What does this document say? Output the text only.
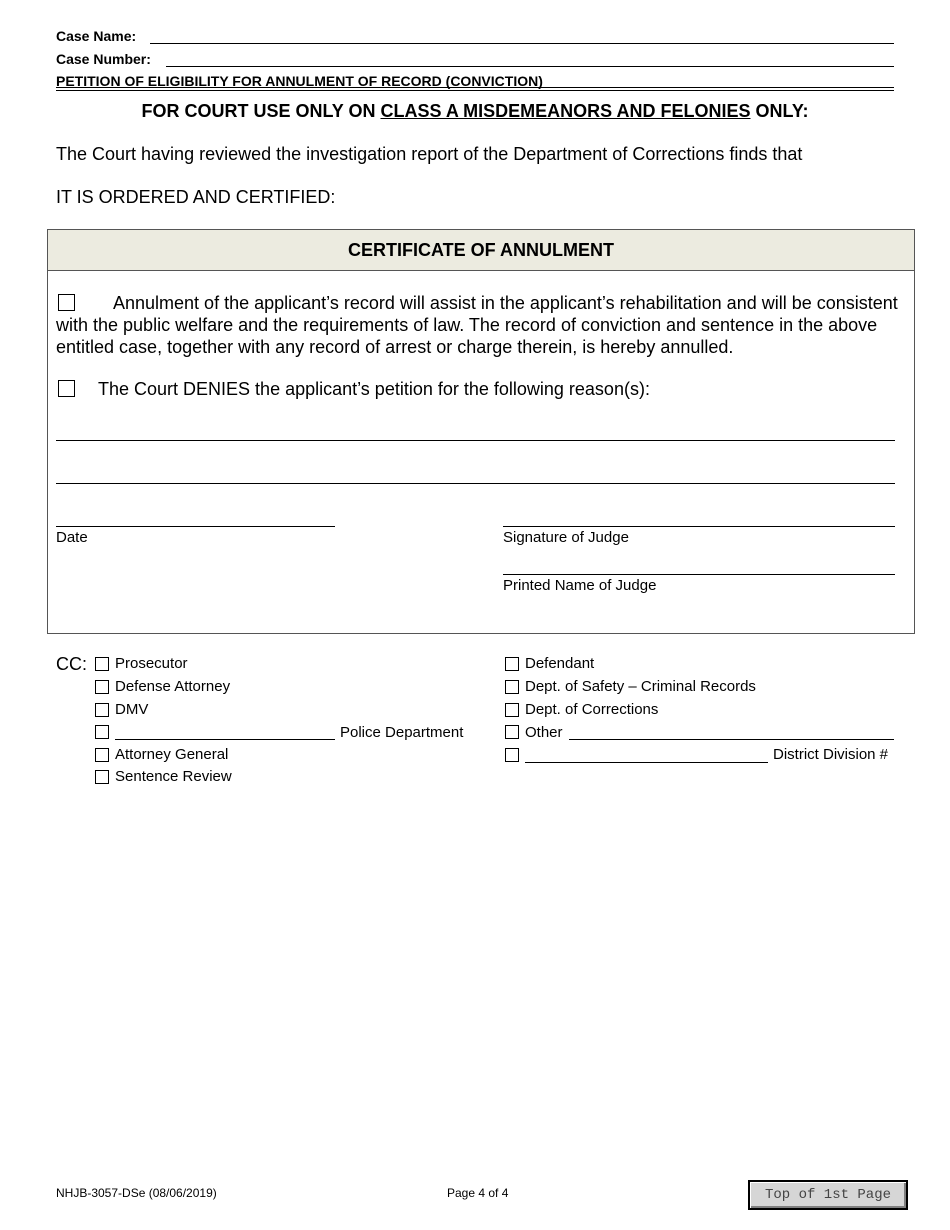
Case Name:
Case Number:
PETITION OF ELIGIBILITY FOR ANNULMENT OF RECORD (CONVICTION)
FOR COURT USE ONLY ON CLASS A MISDEMEANORS AND FELONIES ONLY:
The Court having reviewed the investigation report of the Department of Corrections finds that
IT IS ORDERED AND CERTIFIED:
CERTIFICATE OF ANNULMENT
Annulment of the applicant’s record will assist in the applicant’s rehabilitation and will be consistent with the public welfare and the requirements of law. The record of conviction and sentence in the above entitled case, together with any record of arrest or charge therein, is hereby annulled.
The Court DENIES the applicant’s petition for the following reason(s):
Date	Signature of Judge
Printed Name of Judge
CC: Prosecutor
Defense Attorney
DMV
Police Department
Attorney General
Sentence Review
Defendant
Dept. of Safety – Criminal Records
Dept. of Corrections
Other
District Division #
NHJB-3057-DSe (08/06/2019)	Page 4 of 4	Top of 1st Page
